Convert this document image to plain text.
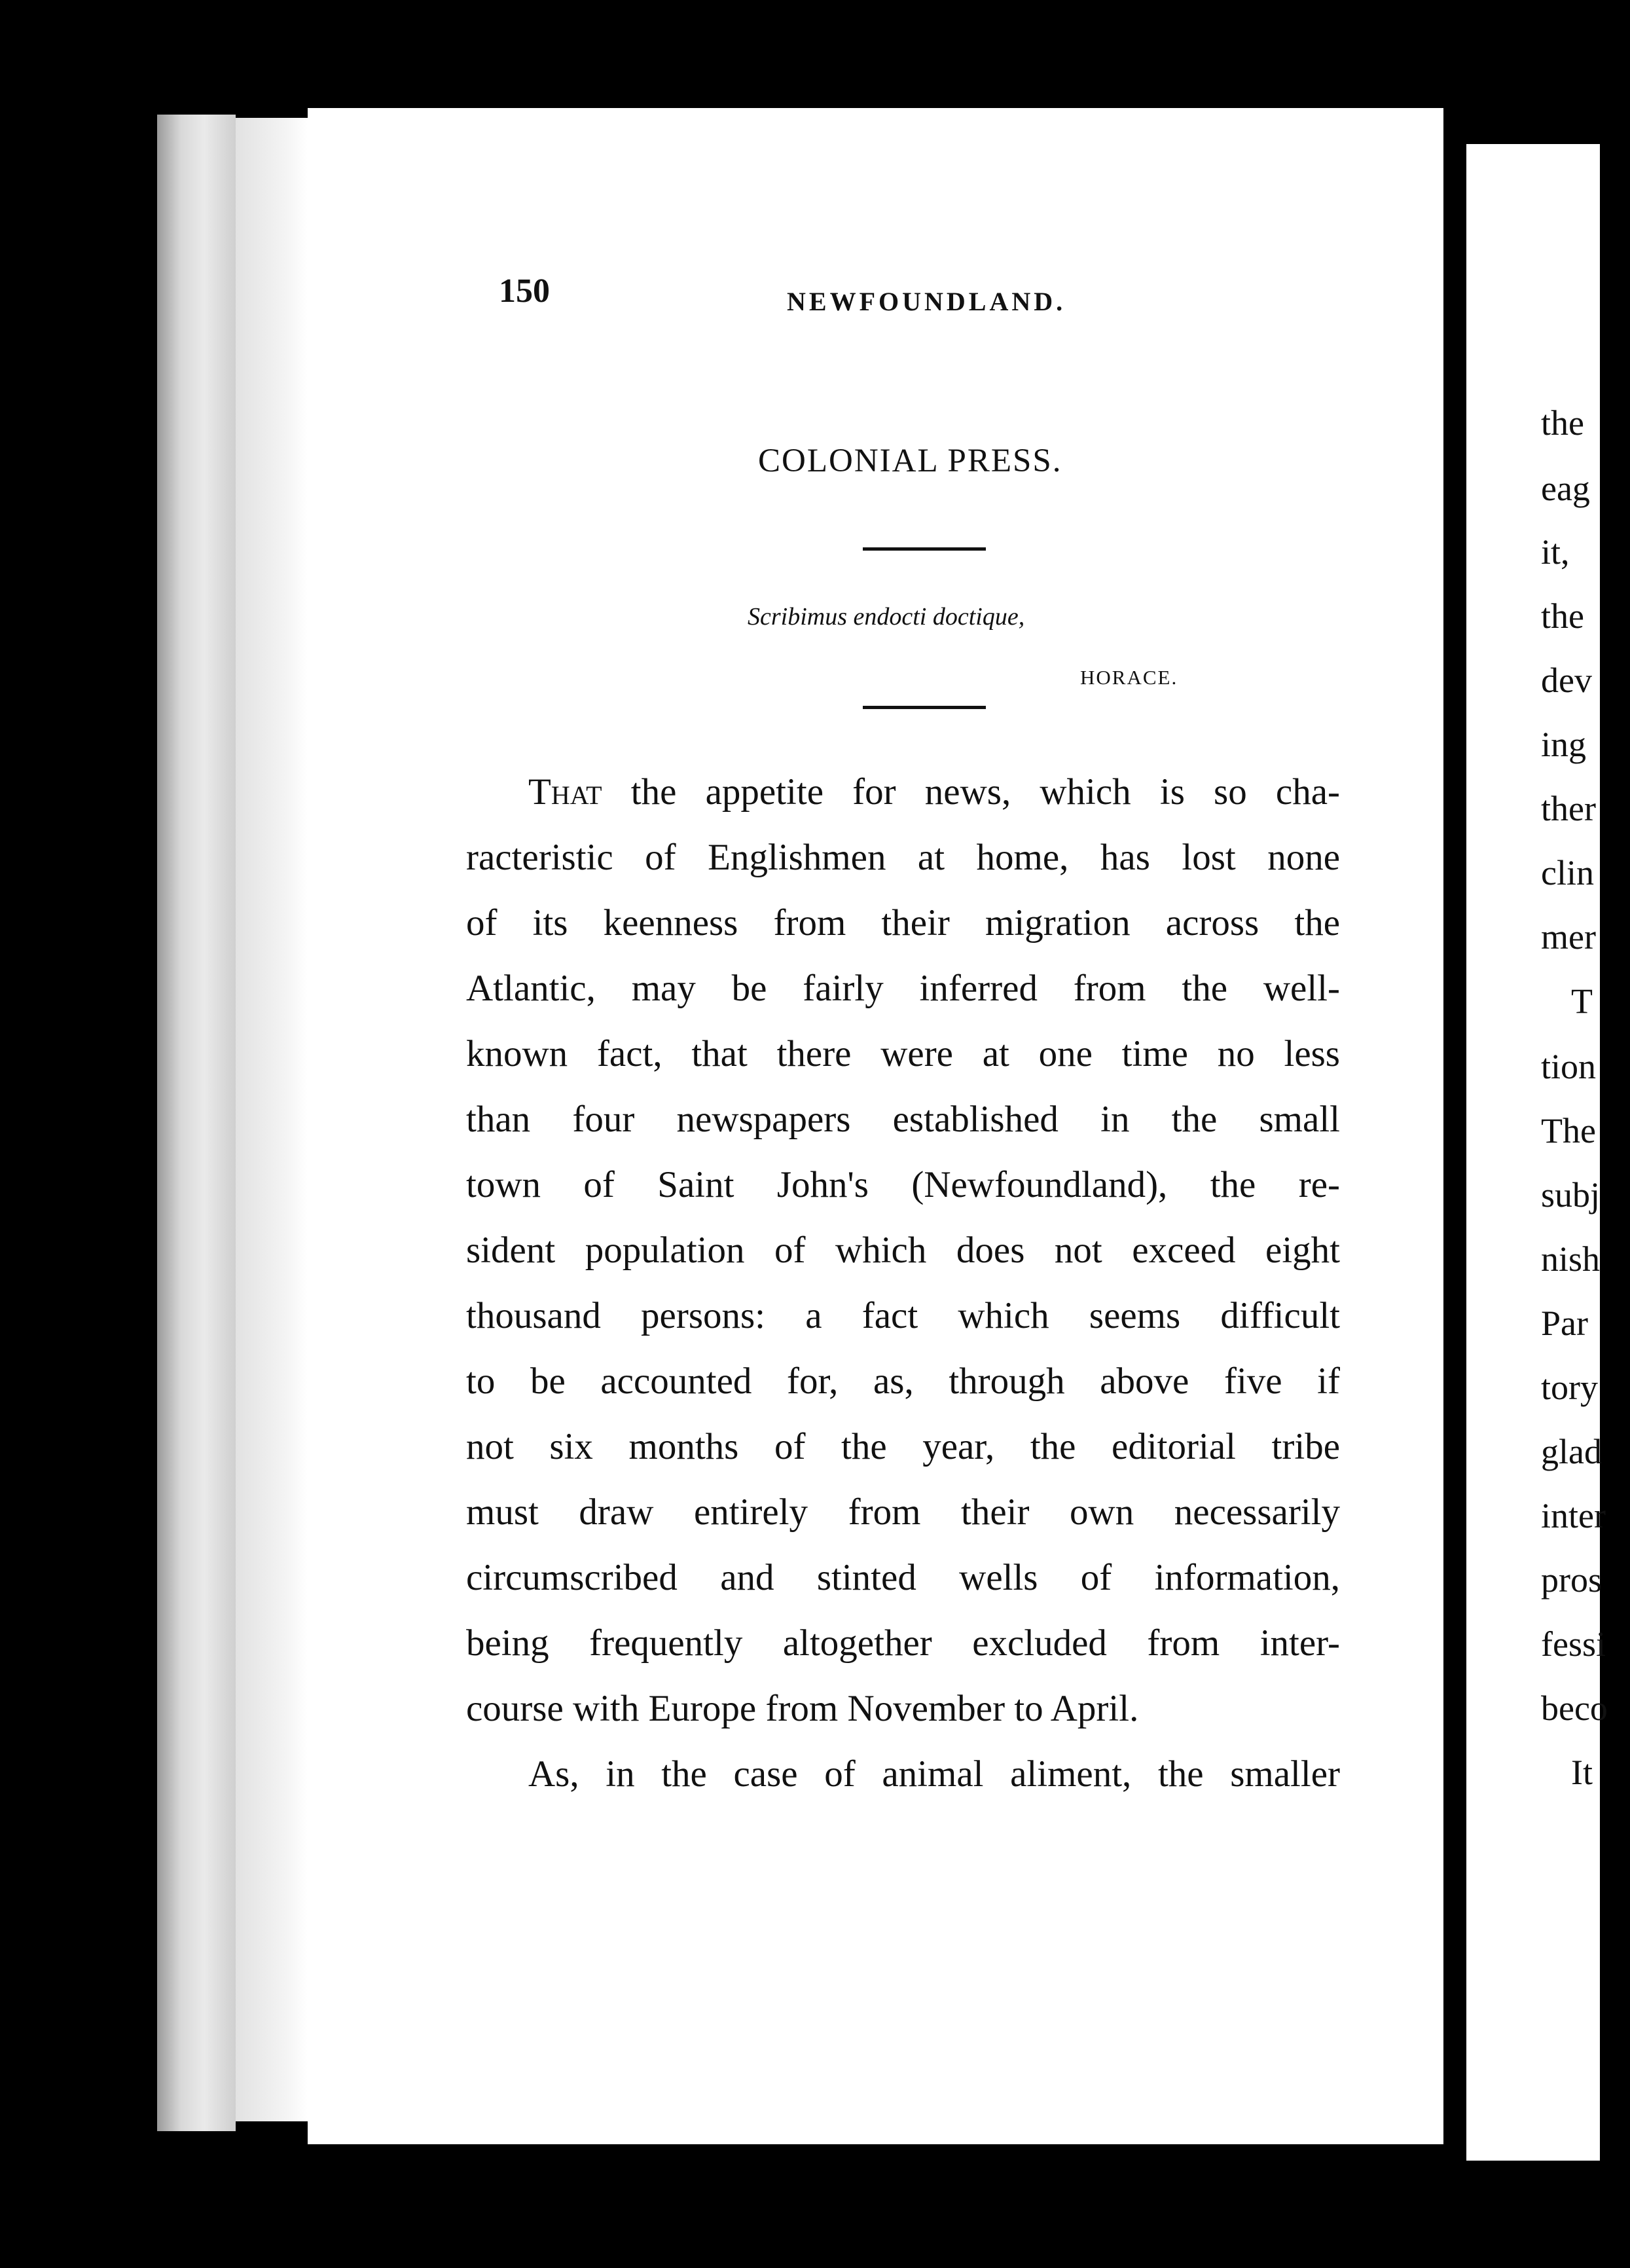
150	NEWFOUNDLAND.
COLONIAL PRESS.
Scribimus endocti doctique,
HORACE.
That the appetite for news, which is so cha-
racteristic of Englishmen at home, has lost none
of its keenness from their migration across the
Atlantic, may be fairly inferred from the well-
known fact, that there were at one time no less
than four newspapers established in the small
town of Saint John's (Newfoundland), the re-
sident population of which does not exceed eight
thousand persons: a fact which seems difficult
to be accounted for, as, through above five if
not six months of the year, the editorial tribe
must draw entirely from their own necessarily
circumscribed and stinted wells of information,
being frequently altogether excluded from inter-
course with Europe from November to April.
As, in the case of animal aliment, the smaller
the
eag
it,
the
dev
ing
ther
clin
mer
T
tion
The
subj
nish
Par
tory
glad
inter
pros
fessi
beco
It
